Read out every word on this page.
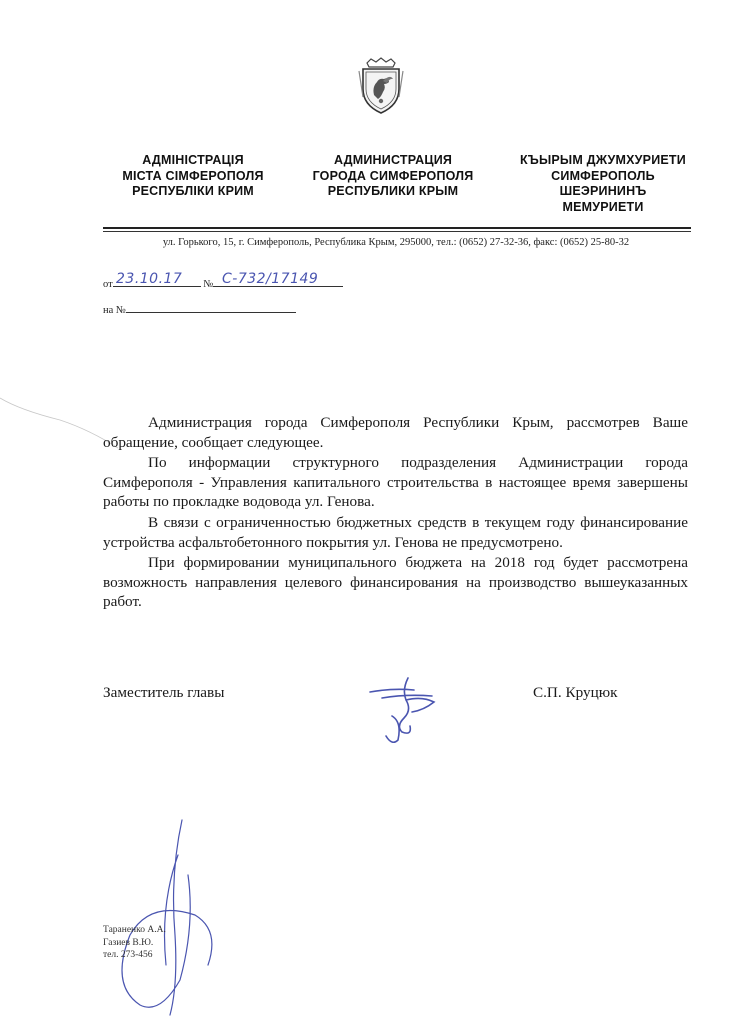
АДМІНІСТРАЦІЯ
МІСТА СІМФЕРОПОЛЯ
РЕСПУБЛІКИ КРИМ
АДМИНИСТРАЦИЯ
ГОРОДА СИМФЕРОПОЛЯ
РЕСПУБЛИКИ КРЫМ
КЪЫРЫМ ДЖУМХУРИЕТИ
СИМФЕРОПОЛЬ
ШЕЭРИНИНЪ
МЕМУРИЕТИ
ул. Горького, 15, г. Симферополь, Республика Крым, 295000, тел.: (0652) 27-32-36, факс: (0652) 25-80-32
от	№
23.10.17	С-732/17149
на №

Администрация города Симферополя Республики Крым, рассмотрев Ваше обращение, сообщает следующее.

По информации структурного подразделения Администрации города Симферополя - Управления капитального строительства в настоящее время завершены работы по прокладке водовода ул. Генова.

В связи с ограниченностью бюджетных средств в текущем году финансирование устройства асфальтобетонного покрытия ул. Генова не предусмотрено.

При формировании муниципального бюджета на 2018 год будет рассмотрена возможность направления целевого финансирования на производство вышеуказанных работ.

Заместитель главы	С.П. Круцюк
Тараненко А.А.
Газиев В.Ю.
тел. 273-456
